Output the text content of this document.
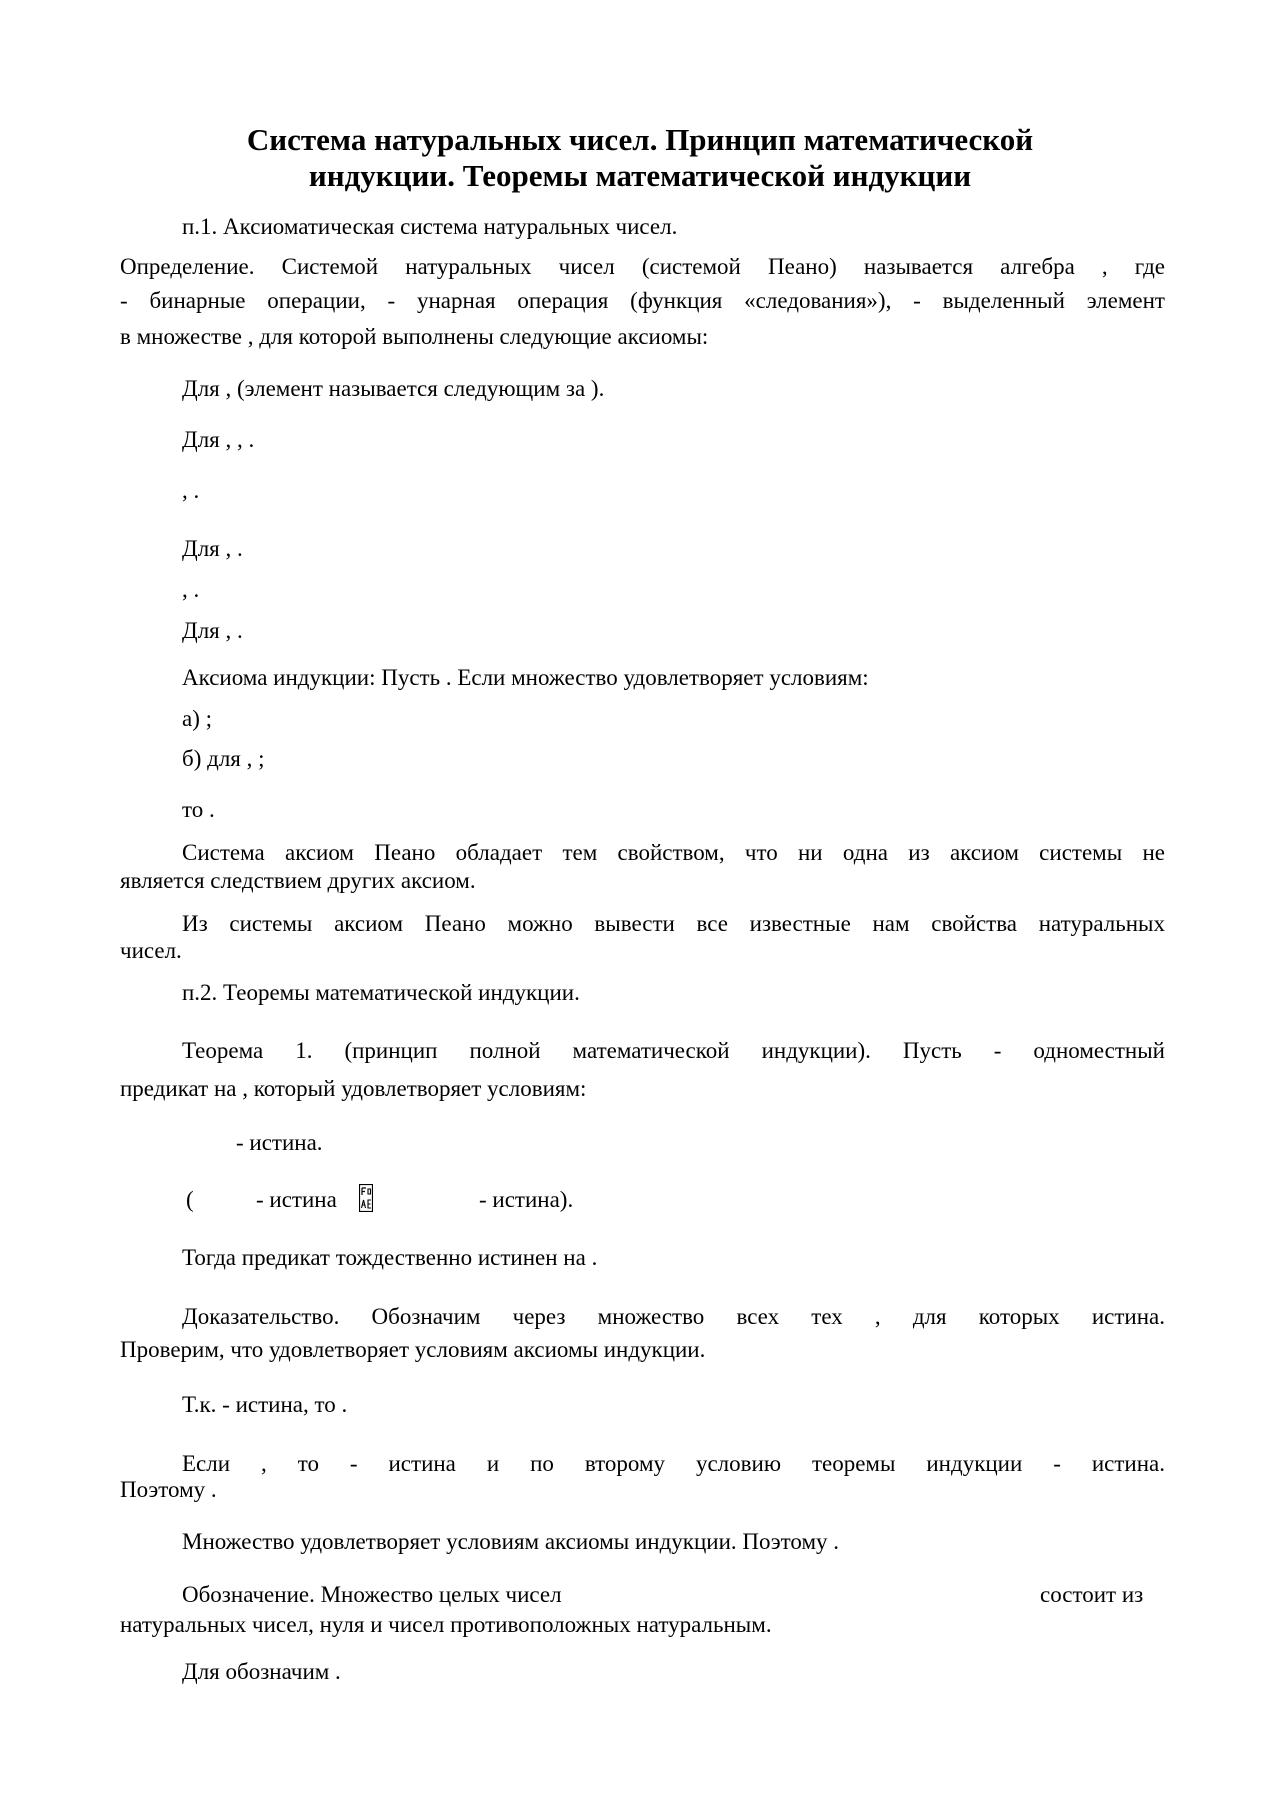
Система натуральных чисел. Принцип математической
индукции. Теоремы математической индукции
п.1. Аксиоматическая система натуральных чисел.
Определение. Системой натуральных чисел (системой Пеано) называется алгебра , где
- бинарные операции, - унарная операция (функция «следования»), - выделенный элемент
в множестве , для которой выполнены следующие аксиомы:
Для , (элемент называется следующим за ).
Для , , .
, .
Для , .
, .
Для , .
Аксиома индукции: Пусть . Если множество удовлетворяет условиям:
а) ;
б) для , ;
то .
Система аксиом Пеано обладает тем свойством, что ни одна из аксиом системы не
является следствием других аксиом.
Из системы аксиом Пеано можно вывести все известные нам свойства натуральных
чисел.
п.2. Теоремы математической индукции.
Теорема 1. (принцип полной математической индукции). Пусть - одноместный
предикат на , который удовлетворяет условиям:
- истина.
(	- истина	- истина).
Тогда предикат тождественно истинен на .
Доказательство. Обозначим через множество всех тех , для которых истина.
Проверим, что удовлетворяет условиям аксиомы индукции.
Т.к. - истина, то .
Если , то - истина и по второму условию теоремы индукции - истина.
Поэтому .
Множество удовлетворяет условиям аксиомы индукции. Поэтому .
Обозначение. Множество целых чисел	состоит из
натуральных чисел, нуля и чисел противоположных натуральным.
Для обозначим .
